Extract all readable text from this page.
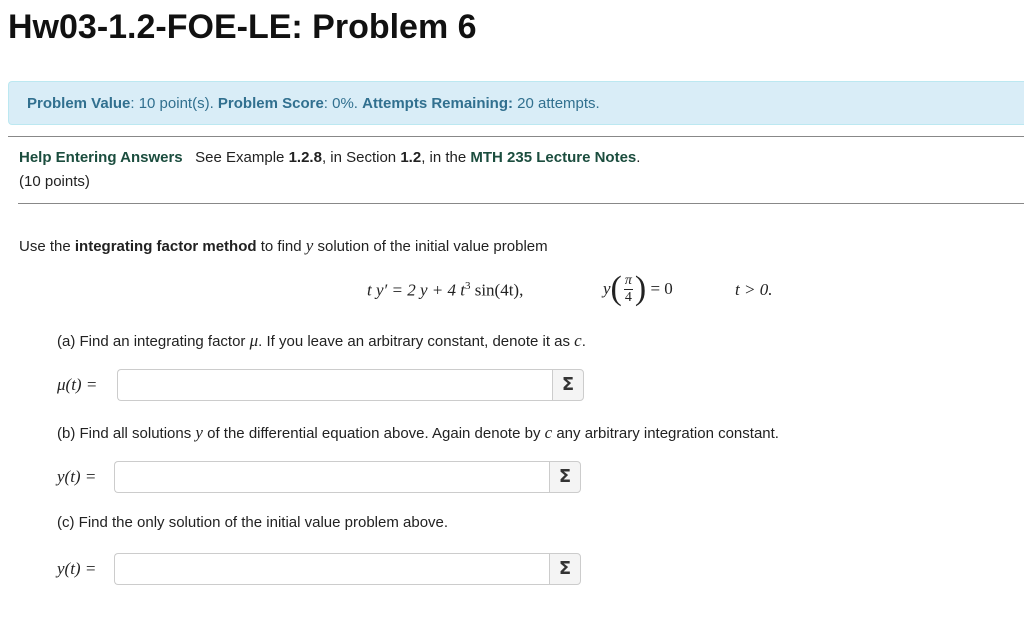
Hw03-1.2-FOE-LE: Problem 6
Problem Value: 10 point(s). Problem Score: 0%. Attempts Remaining: 20 attempts.
Help Entering Answers See Example 1.2.8, in Section 1.2, in the MTH 235 Lecture Notes.
(10 points)
Use the integrating factor method to find y solution of the initial value problem
t y′ = 2 y + 4 $t^3$ sin(4t),	$y( \frac{\pi}{4}$ ) = 0	t > 0.
(a) Find an integrating factor μ. If you leave an arbitrary constant, denote it as c.
μ(t) =	Σ
(b) Find all solutions y of the differential equation above. Again denote by c any arbitrary integration constant.
y(t) =	Σ
(c) Find the only solution of the initial value problem above.
y(t) =	Σ
